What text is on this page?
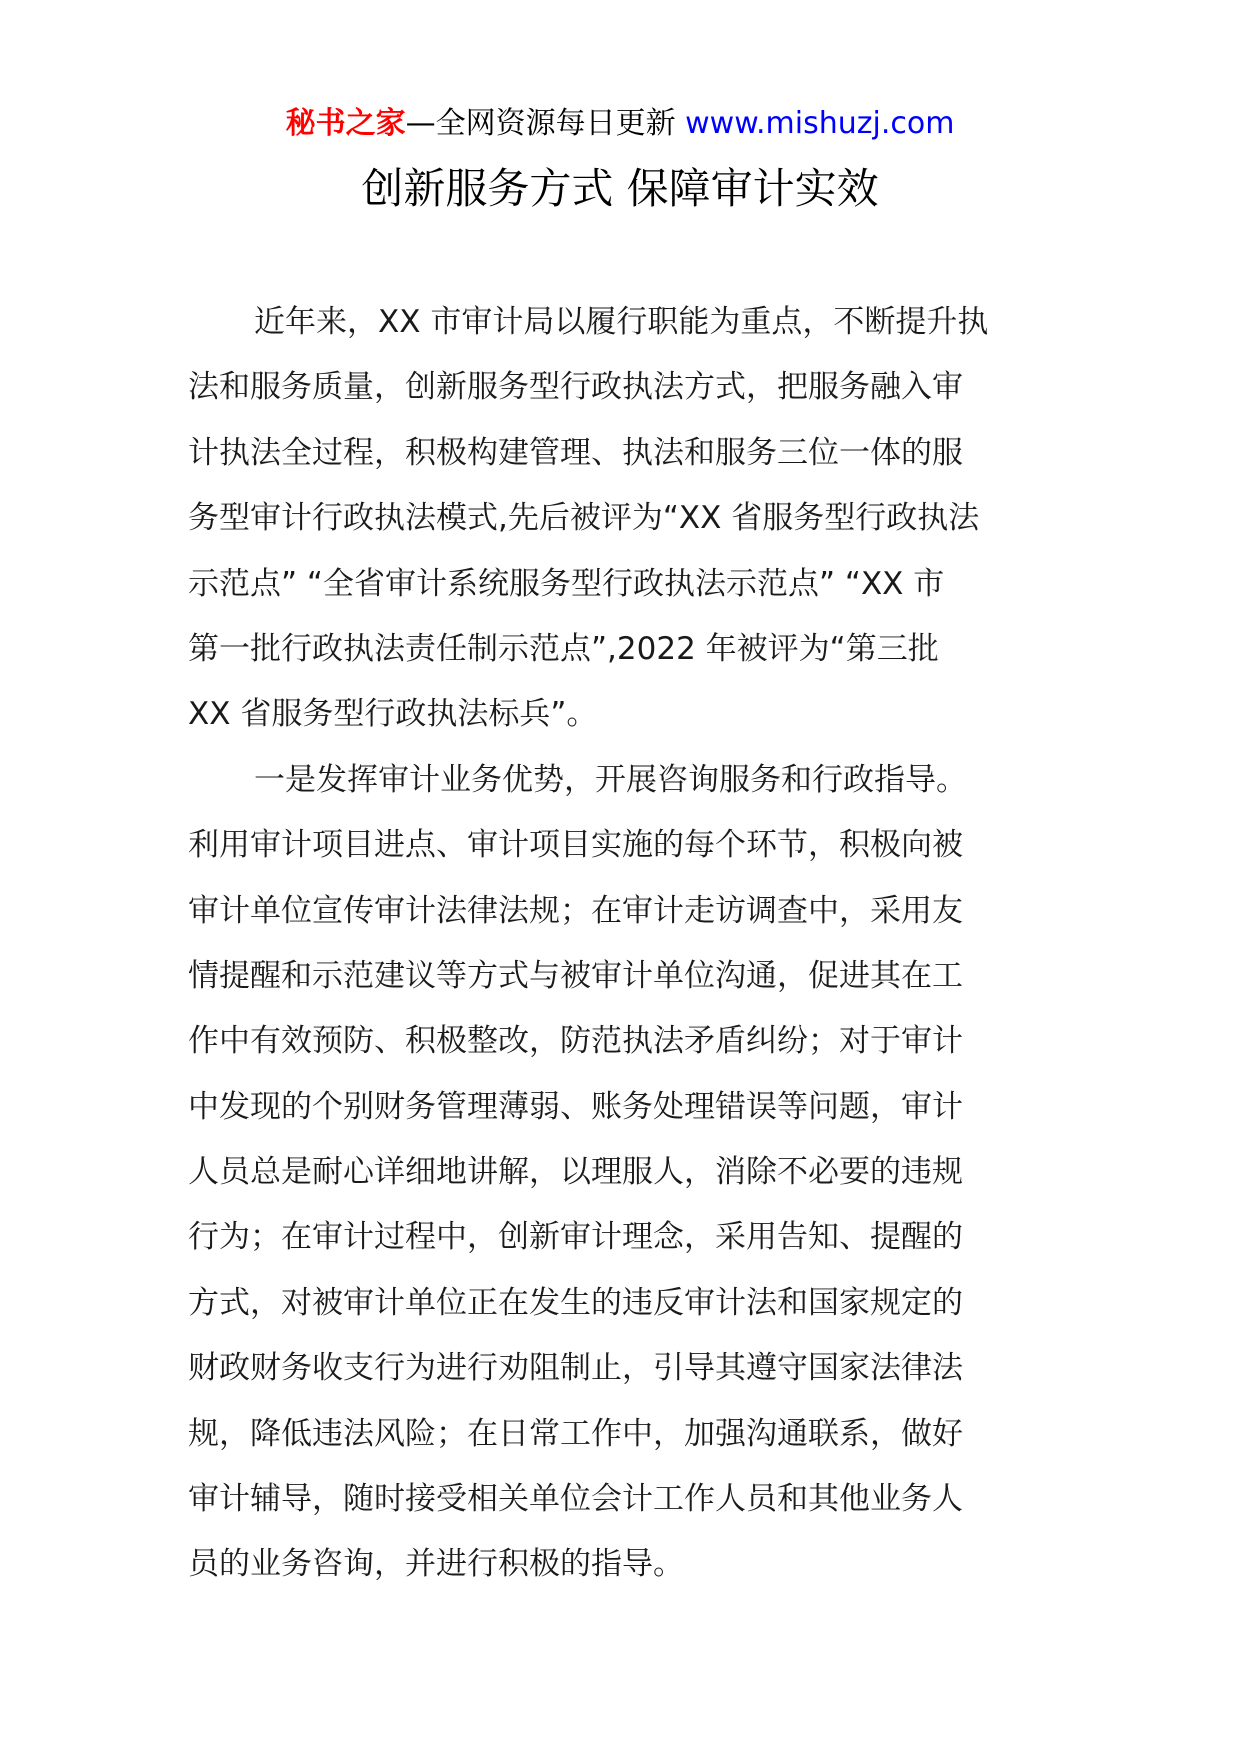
秘书之家—全网资源每日更新 www.mishuzj.com
创新服务方式 保障审计实效
近年来，XX 市审计局以履行职能为重点，不断提升执
法和服务质量，创新服务型行政执法方式，把服务融入审
计执法全过程，积极构建管理、执法和服务三位一体的服
务型审计行政执法模式,先后被评为“XX 省服务型行政执法
示范点” “全省审计系统服务型行政执法示范点” “XX 市
第一批行政执法责任制示范点”,2022 年被评为“第三批
XX 省服务型行政执法标兵”。
一是发挥审计业务优势，开展咨询服务和行政指导。
利用审计项目进点、审计项目实施的每个环节，积极向被
审计单位宣传审计法律法规；在审计走访调查中，采用友
情提醒和示范建议等方式与被审计单位沟通，促进其在工
作中有效预防、积极整改，防范执法矛盾纠纷；对于审计
中发现的个别财务管理薄弱、账务处理错误等问题，审计
人员总是耐心详细地讲解，以理服人，消除不必要的违规
行为；在审计过程中，创新审计理念，采用告知、提醒的
方式，对被审计单位正在发生的违反审计法和国家规定的
财政财务收支行为进行劝阻制止，引导其遵守国家法律法
规，降低违法风险；在日常工作中，加强沟通联系，做好
审计辅导，随时接受相关单位会计工作人员和其他业务人
员的业务咨询，并进行积极的指导。
